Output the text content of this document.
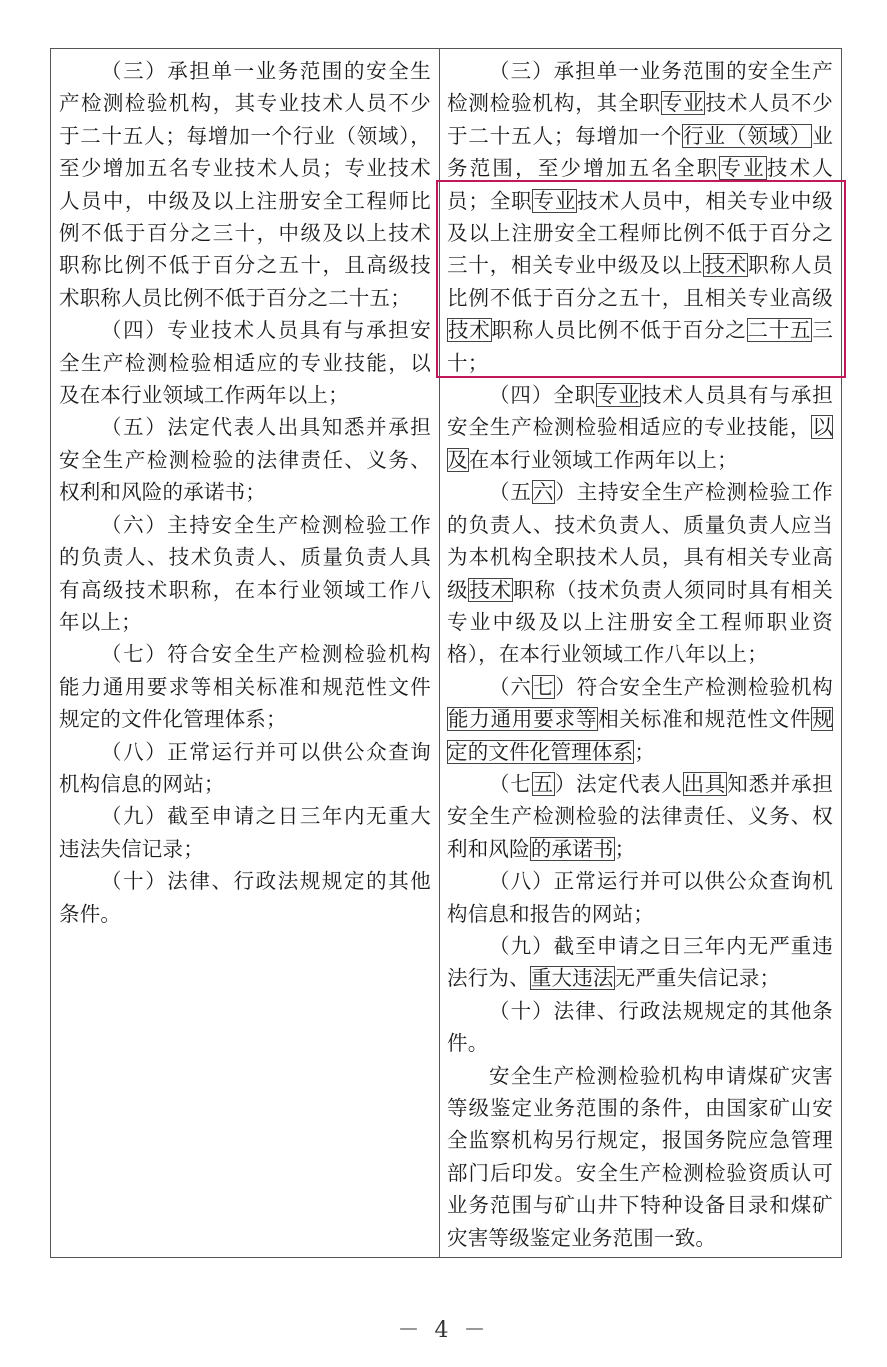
（三）承担单一业务范围的安全生产检测检验机构，其专业技术人员不少于二十五人；每增加一个行业（领域），至少增加五名专业技术人员；专业技术人员中，中级及以上注册安全工程师比例不低于百分之三十，中级及以上技术职称比例不低于百分之五十，且高级技术职称人员比例不低于百分之二十五；

（四）专业技术人员具有与承担安全生产检测检验相适应的专业技能，以及在本行业领域工作两年以上；

（五）法定代表人出具知悉并承担安全生产检测检验的法律责任、义务、权利和风险的承诺书；

（六）主持安全生产检测检验工作的负责人、技术负责人、质量负责人具有高级技术职称，在本行业领域工作八年以上；

（七）符合安全生产检测检验机构能力通用要求等相关标准和规范性文件规定的文件化管理体系；

（八）正常运行并可以供公众查询机构信息的网站；

（九）截至申请之日三年内无重大违法失信记录；

（十）法律、行政法规规定的其他条件。

（三）承担单一业务范围的安全生产检测检验机构，其全职专业技术人员不少于二十五人；每增加一个行业（领域）业务范围，至少增加五名全职专业技术人员；全职专业技术人员中，相关专业中级及以上注册安全工程师比例不低于百分之三十，相关专业中级及以上技术职称人员比例不低于百分之五十，且相关专业高级技术职称人员比例不低于百分之二十五三十；

（四）全职专业技术人员具有与承担安全生产检测检验相适应的专业技能，以及在本行业领域工作两年以上；

（五六）主持安全生产检测检验工作的负责人、技术负责人、质量负责人应当为本机构全职技术人员，具有相关专业高级技术职称（技术负责人须同时具有相关专业中级及以上注册安全工程师职业资格），在本行业领域工作八年以上；

（六七）符合安全生产检测检验机构能力通用要求等相关标准和规范性文件规定的文件化管理体系；

（七五）法定代表人出具知悉并承担安全生产检测检验的法律责任、义务、权利和风险的承诺书；

（八）正常运行并可以供公众查询机构信息和报告的网站；

（九）截至申请之日三年内无严重违法行为、重大违法无严重失信记录；

（十）法律、行政法规规定的其他条件。

安全生产检测检验机构申请煤矿灾害等级鉴定业务范围的条件，由国家矿山安全监察机构另行规定，报国务院应急管理部门后印发。安全生产检测检验资质认可业务范围与矿山井下特种设备目录和煤矿灾害等级鉴定业务范围一致。

－ 4 －
